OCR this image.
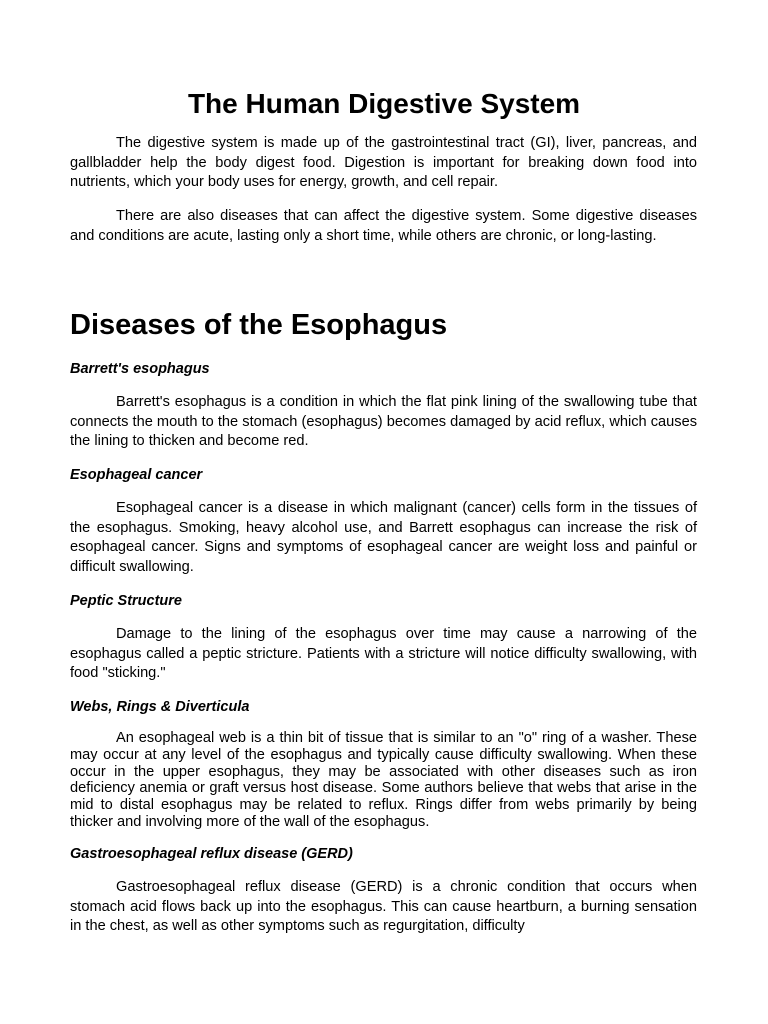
The Human Digestive System

The digestive system is made up of the gastrointestinal tract (GI), liver, pancreas, and gallbladder help the body digest food. Digestion is important for breaking down food into nutrients, which your body uses for energy, growth, and cell repair.

There are also diseases that can affect the digestive system. Some digestive diseases and conditions are acute, lasting only a short time, while others are chronic, or long-lasting.

Diseases of the Esophagus
Barrett's esophagus

Barrett's esophagus is a condition in which the flat pink lining of the swallowing tube that connects the mouth to the stomach (esophagus) becomes damaged by acid reflux, which causes the lining to thicken and become red.

Esophageal cancer

Esophageal cancer is a disease in which malignant (cancer) cells form in the tissues of the esophagus. Smoking, heavy alcohol use, and Barrett esophagus can increase the risk of esophageal cancer. Signs and symptoms of esophageal cancer are weight loss and painful or difficult swallowing.

Peptic Structure

Damage to the lining of the esophagus over time may cause a narrowing of the esophagus called a peptic stricture. Patients with a stricture will notice difficulty swallowing, with food "sticking."

Webs, Rings & Diverticula

An esophageal web is a thin bit of tissue that is similar to an "o" ring of a washer. These may occur at any level of the esophagus and typically cause difficulty swallowing. When these occur in the upper esophagus, they may be associated with other diseases such as iron deficiency anemia or graft versus host disease. Some authors believe that webs that arise in the mid to distal esophagus may be related to reflux. Rings differ from webs primarily by being thicker and involving more of the wall of the esophagus.

Gastroesophageal reflux disease (GERD)

Gastroesophageal reflux disease (GERD) is a chronic condition that occurs when stomach acid flows back up into the esophagus. This can cause heartburn, a burning sensation in the chest, as well as other symptoms such as regurgitation, difficulty
